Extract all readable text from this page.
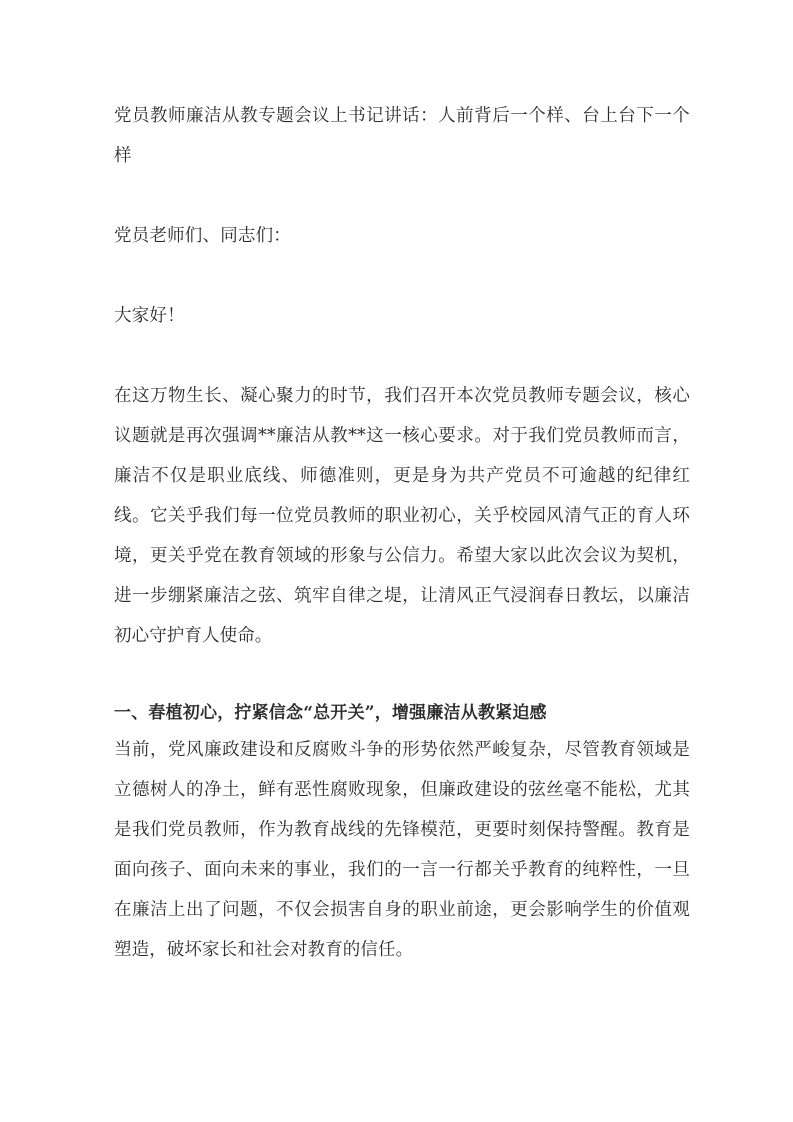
党员教师廉洁从教专题会议上书记讲话：人前背后一个样、台上台下一个样

党员老师们、同志们：

大家好！

在这万物生长、凝心聚力的时节，我们召开本次党员教师专题会议，核心议题就是再次强调**廉洁从教**这一核心要求。对于我们党员教师而言，廉洁不仅是职业底线、师德准则，更是身为共产党员不可逾越的纪律红线。它关乎我们每一位党员教师的职业初心，关乎校园风清气正的育人环境，更关乎党在教育领域的形象与公信力。希望大家以此次会议为契机，进一步绷紧廉洁之弦、筑牢自律之堤，让清风正气浸润春日教坛，以廉洁初心守护育人使命。

一、春植初心，拧紧信念“总开关”，增强廉洁从教紧迫感

当前，党风廉政建设和反腐败斗争的形势依然严峻复杂，尽管教育领域是立德树人的净土，鲜有恶性腐败现象，但廉政建设的弦丝毫不能松，尤其是我们党员教师，作为教育战线的先锋模范，更要时刻保持警醒。教育是面向孩子、面向未来的事业，我们的一言一行都关乎教育的纯粹性，一旦在廉洁上出了问题，不仅会损害自身的职业前途，更会影响学生的价值观塑造，破坏家长和社会对教育的信任。
